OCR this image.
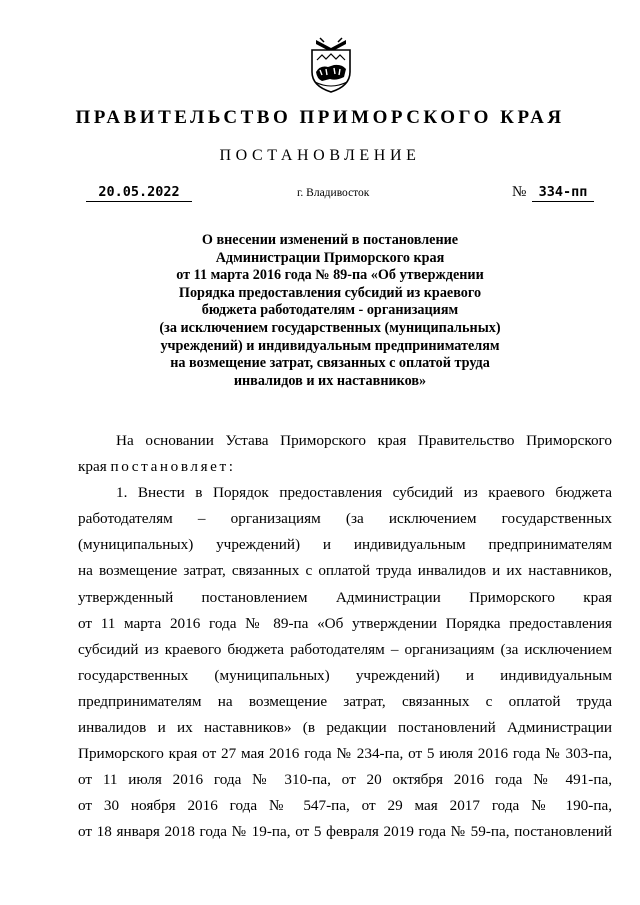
ПРАВИТЕЛЬСТВО ПРИМОРСКОГО КРАЯ
ПОСТАНОВЛЕНИЕ
20.05.2022	г. Владивосток	№ 334-пп
О внесении изменений в постановление
Администрации Приморского края
от 11 марта 2016 года № 89-па «Об утверждении
Порядка предоставления субсидий из краевого
бюджета работодателям - организациям
(за исключением государственных (муниципальных)
учреждений) и индивидуальным предпринимателям
на возмещение затрат, связанных с оплатой труда
инвалидов и их наставников»
На основании Устава Приморского края Правительство Приморского
края постановляет:
1. Внести в Порядок предоставления субсидий из краевого бюджета
работодателям – организациям (за исключением государственных
(муниципальных) учреждений) и индивидуальным предпринимателям
на возмещение затрат, связанных с оплатой труда инвалидов и их наставников,
утвержденный постановлением Администрации Приморского края
от 11 марта 2016 года № 89-па «Об утверждении Порядка предоставления
субсидий из краевого бюджета работодателям – организациям (за исключением
государственных (муниципальных) учреждений) и индивидуальным
предпринимателям на возмещение затрат, связанных с оплатой труда
инвалидов и их наставников» (в редакции постановлений Администрации
Приморского края от 27 мая 2016 года № 234-па, от 5 июля 2016 года № 303-па,
от 11 июля 2016 года № 310-па, от 20 октября 2016 года № 491-па,
от 30 ноября 2016 года № 547-па, от 29 мая 2017 года № 190-па,
от 18 января 2018 года № 19-па, от 5 февраля 2019 года № 59-па, постановлений
